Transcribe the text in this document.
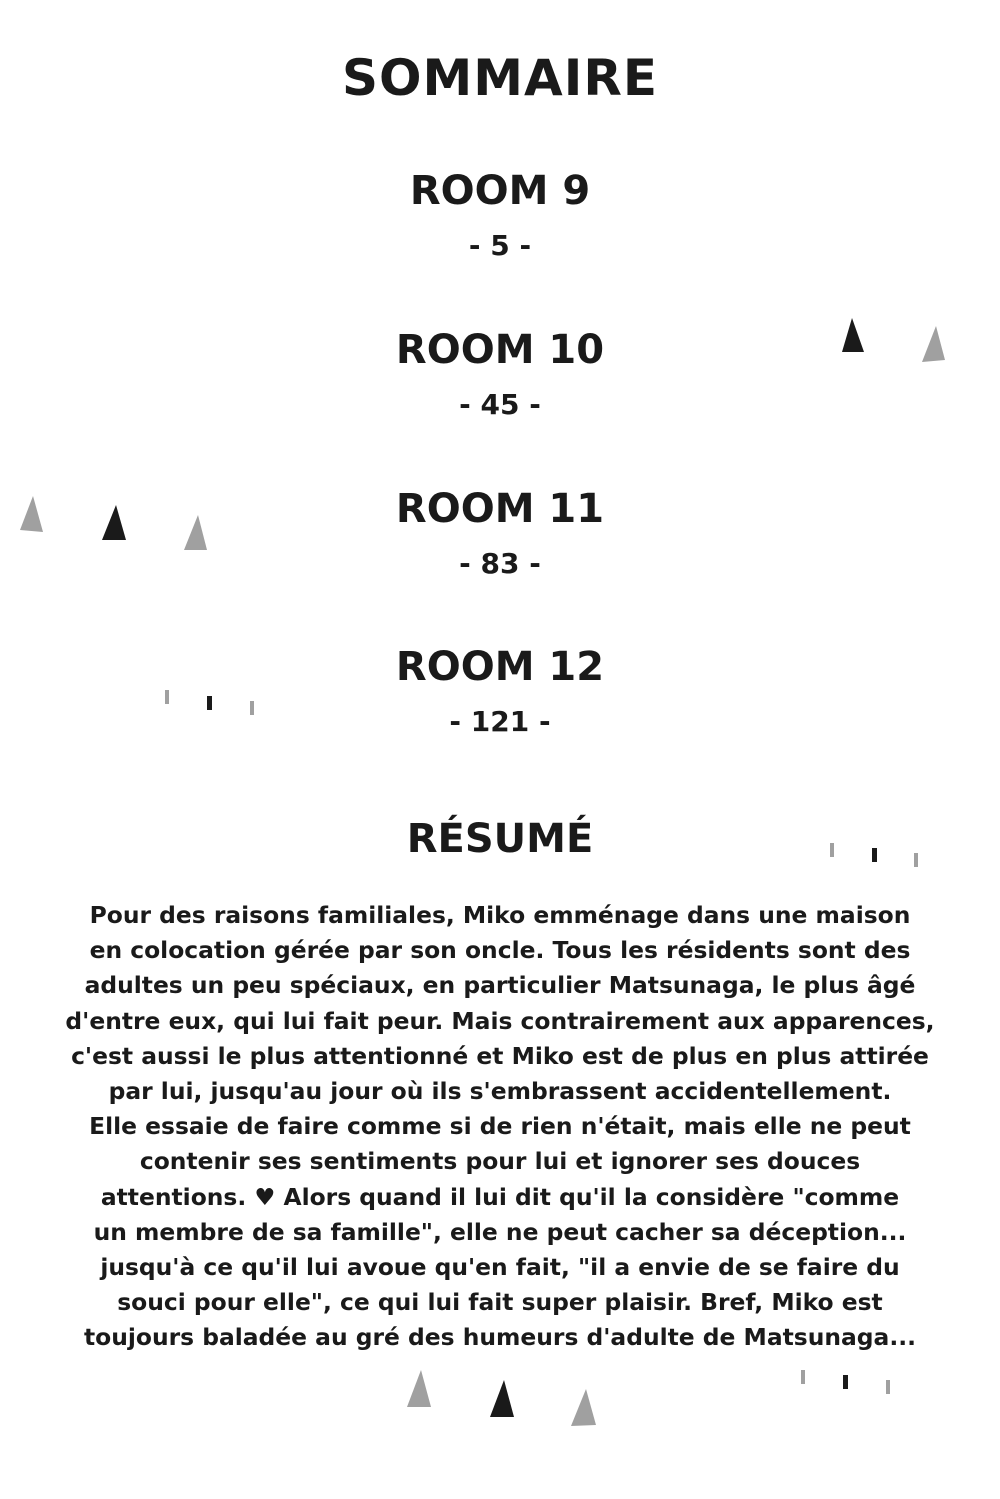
SOMMAIRE
ROOM 9
- 5 -
ROOM 10
- 45 -
ROOM 11
- 83 -
ROOM 12
- 121 -
RÉSUMÉ
Pour des raisons familiales, Miko emménage dans une maison
en colocation gérée par son oncle. Tous les résidents sont des
adultes un peu spéciaux, en particulier Matsunaga, le plus âgé
d'entre eux, qui lui fait peur. Mais contrairement aux apparences,
c'est aussi le plus attentionné et Miko est de plus en plus attirée
par lui, jusqu'au jour où ils s'embrassent accidentellement.
Elle essaie de faire comme si de rien n'était, mais elle ne peut
contenir ses sentiments pour lui et ignorer ses douces
attentions. ♥ Alors quand il lui dit qu'il la considère "comme
un membre de sa famille", elle ne peut cacher sa déception...
jusqu'à ce qu'il lui avoue qu'en fait, "il a envie de se faire du
souci pour elle", ce qui lui fait super plaisir. Bref, Miko est
toujours baladée au gré des humeurs d'adulte de Matsunaga...
